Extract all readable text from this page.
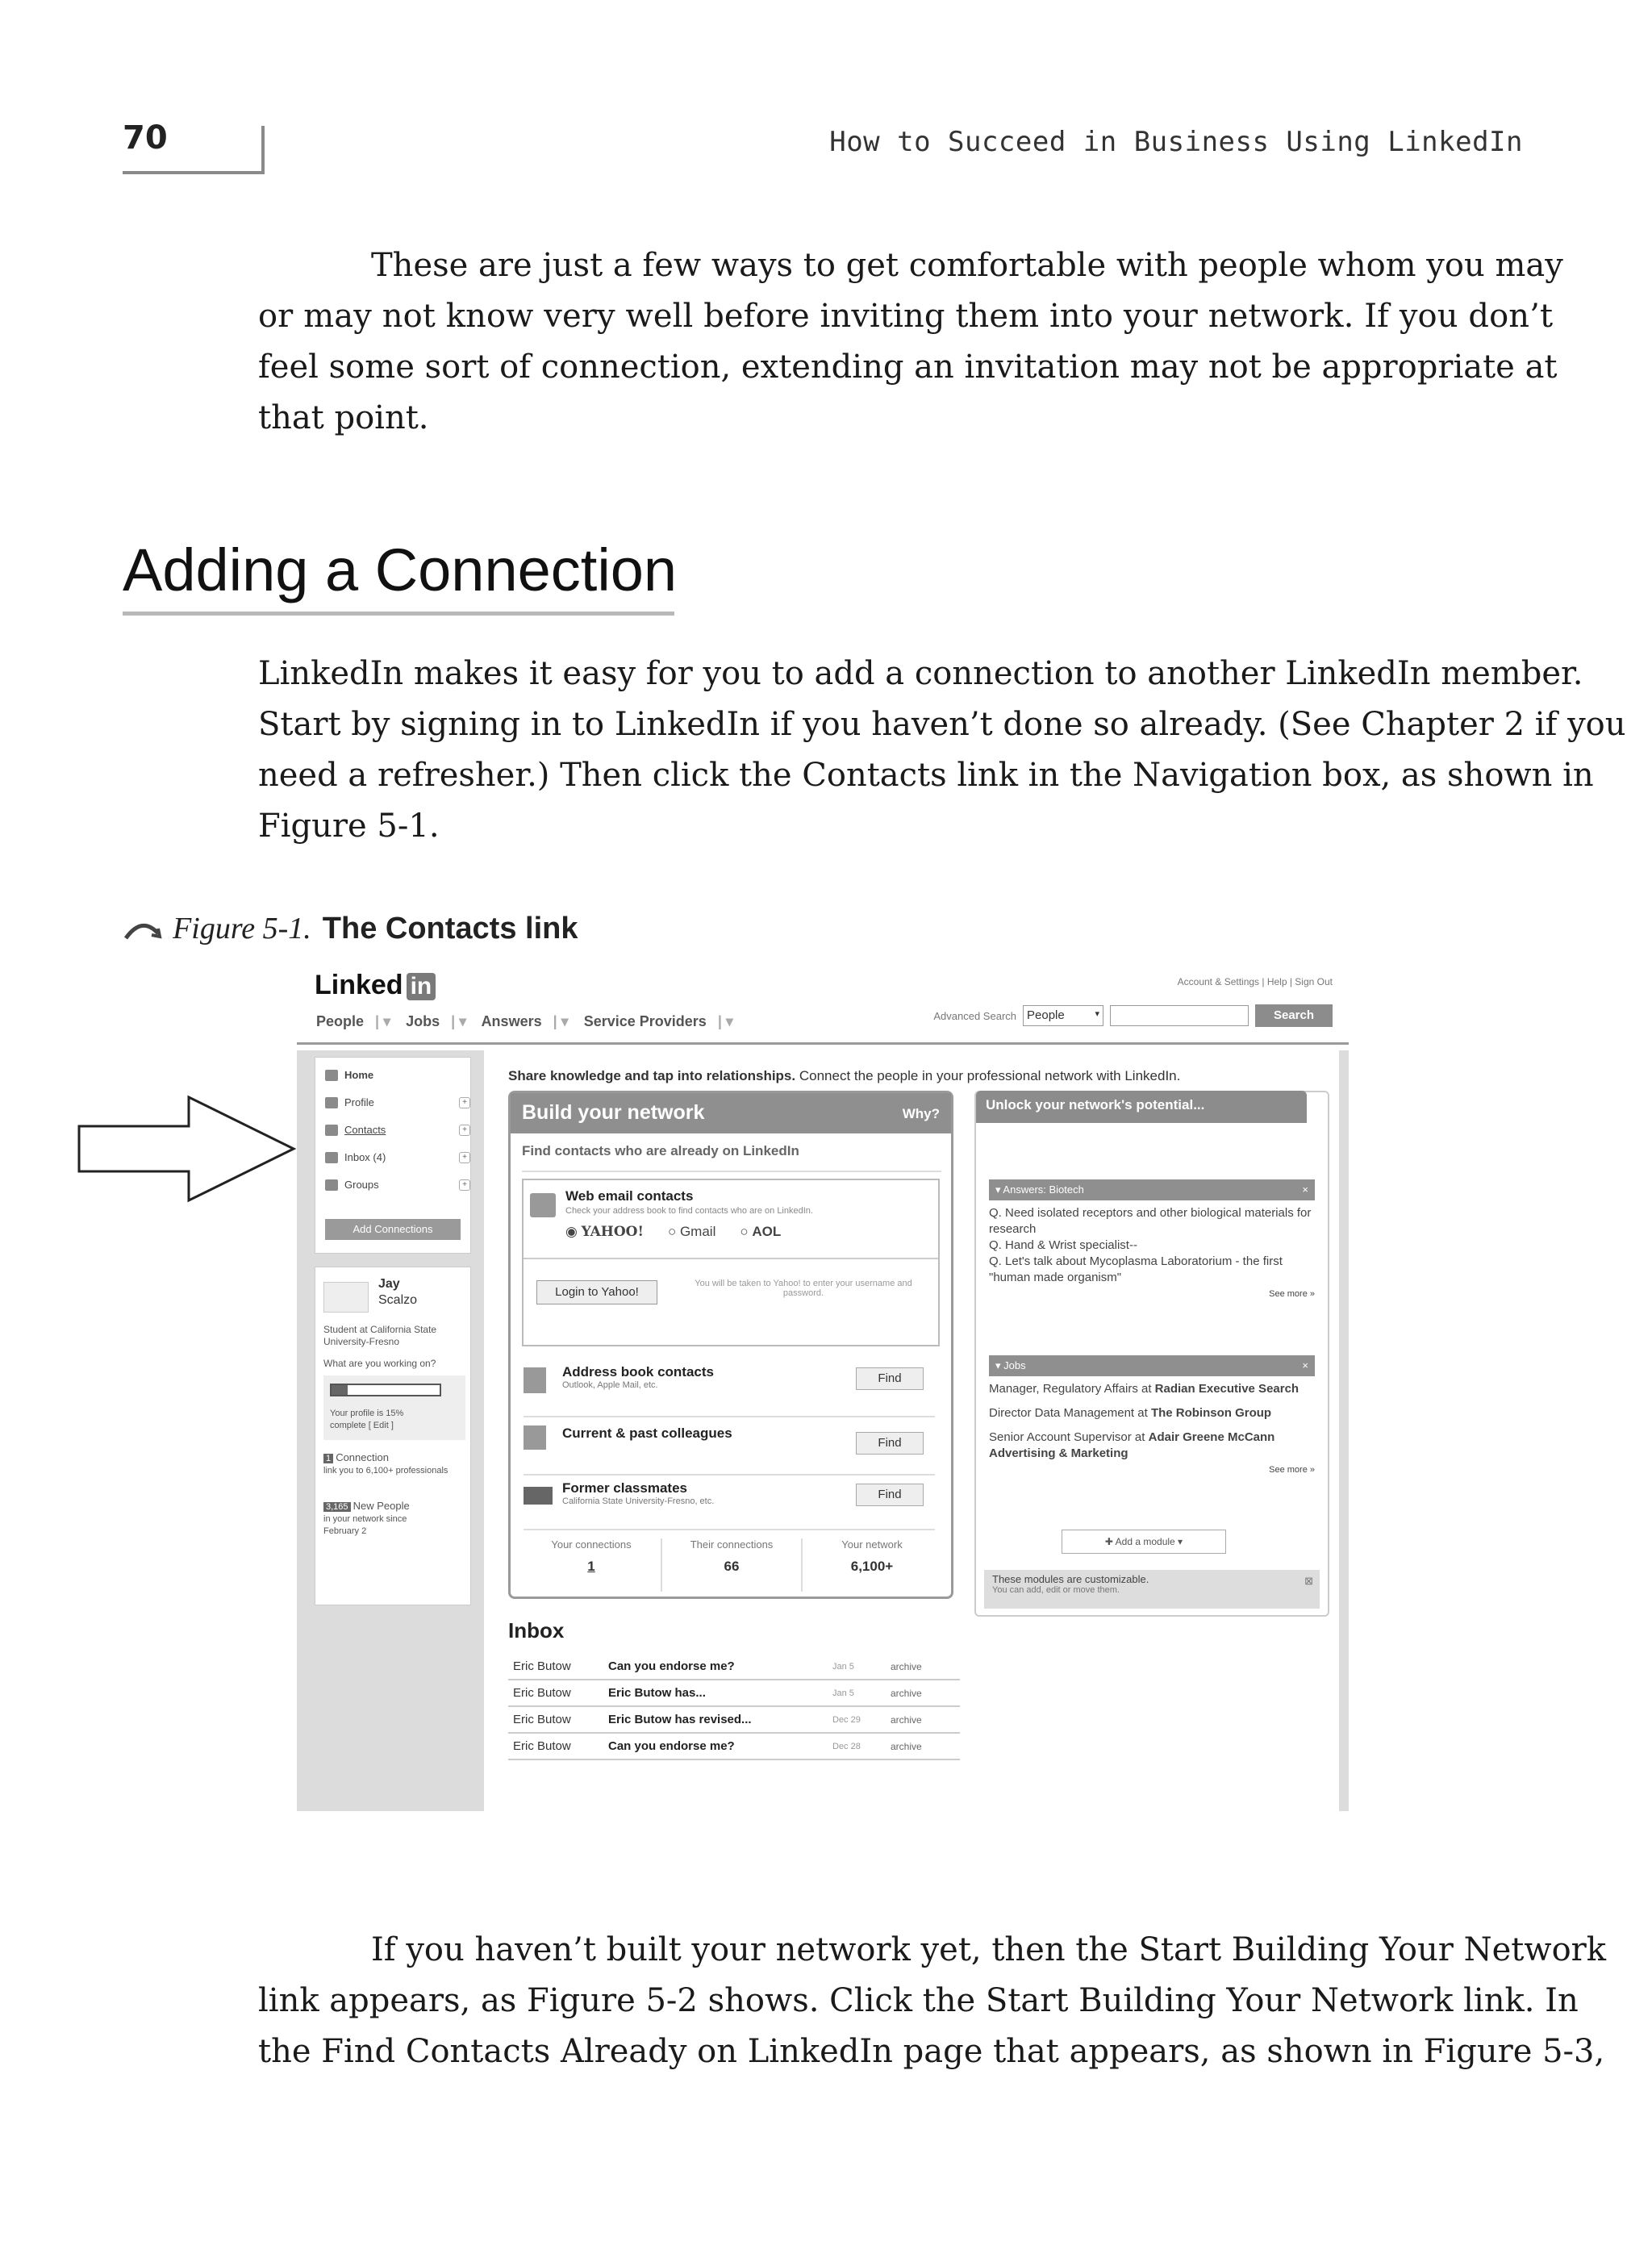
70	How to Succeed in Business Using LinkedIn
These are just a few ways to get comfortable with people whom you may
or may not know very well before inviting them into your network. If you don’t
feel some sort of connection, extending an invitation may not be appropriate at
that point.
Adding a Connection
LinkedIn makes it easy for you to add a connection to another LinkedIn member.
Start by signing in to LinkedIn if you haven’t done so already. (See Chapter 2 if you
need a refresher.) Then click the Contacts link in the Navigation box, as shown in
Figure 5-1.
Figure 5-1. The Contacts link
Linked in
People | ▾ Jobs | ▾ Answers | ▾ Service Providers | ▾
Account & Settings | Help | Sign Out
Advanced Search People	▾	Search
Home
Profile	+
Contacts	+
Inbox (4)	+
Groups	+
Add Connections
Jay
Scalzo
Student at California State University-Fresno
What are you working on?
Your profile is 15% complete [ Edit ]
1 Connection
link you to 6,100+ professionals
3,165 New People
in your network since February 2
Share knowledge and tap into relationships. Connect the people in your professional network with LinkedIn.
Build your network	Why?
Find contacts who are already on LinkedIn
Web email contacts
Check your address book to find contacts who are on LinkedIn.
◉ YAHOO! ○ Gmail ○ AOL
Login to Yahoo!
You will be taken to Yahoo! to enter your username and password.
Address book contacts
Outlook, Apple Mail, etc.	Find
Current & past colleagues
Find
Former classmates
California State University-Fresno, etc.	Find
Your connections
1
Their connections
66
Your network
6,100+
Unlock your network's potential...
▾ Answers: Biotech	×
Q. Need isolated receptors and other biological materials for research
Q. Hand & Wrist specialist--
Q. Let's talk about Mycoplasma Laboratorium - the first "human made organism"
See more »
▾ Jobs	×
Manager, Regulatory Affairs at Radian Executive Search
Director Data Management at The Robinson Group
Senior Account Supervisor at Adair Greene McCann Advertising & Marketing
See more »
✚ Add a module ▾
These modules are customizable.
You can add, edit or move them.
⊠
Inbox
Eric Butow	Can you endorse me?	Jan 5	archive
Eric Butow	Eric Butow has...	Jan 5	archive
Eric Butow	Eric Butow has revised...	Dec 29	archive
Eric Butow	Can you endorse me?	Dec 28	archive
If you haven’t built your network yet, then the Start Building Your Network
link appears, as Figure 5-2 shows. Click the Start Building Your Network link. In
the Find Contacts Already on LinkedIn page that appears, as shown in Figure 5-3,
